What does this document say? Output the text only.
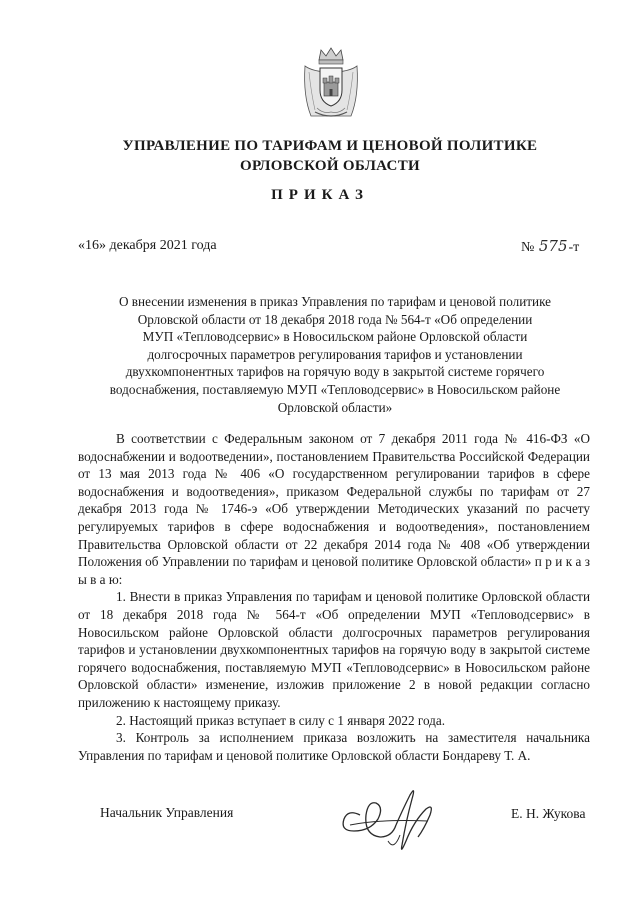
УПРАВЛЕНИЕ ПО ТАРИФАМ И ЦЕНОВОЙ ПОЛИТИКЕ
ОРЛОВСКОЙ ОБЛАСТИ
ПРИКАЗ
«16» декабря 2021 года	№ 575-т
О внесении изменения в приказ Управления по тарифам и ценовой политике
Орловской области от 18 декабря 2018 года № 564-т «Об определении
МУП «Тепловодсервис» в Новосильском районе Орловской области
долгосрочных параметров регулирования тарифов и установлении
двухкомпонентных тарифов на горячую воду в закрытой системе горячего
водоснабжения, поставляемую МУП «Тепловодсервис» в Новосильском районе
Орловской области»

В соответствии с Федеральным законом от 7 декабря 2011 года № 416-ФЗ «О водоснабжении и водоотведении», постановлением Правительства Российской Федерации от 13 мая 2013 года № 406 «О государственном регулировании тарифов в сфере водоснабжения и водоотведения», приказом Федеральной службы по тарифам от 27 декабря 2013 года № 1746-э «Об утверждении Методических указаний по расчету регулируемых тарифов в сфере водоснабжения и водоотведения», постановлением Правительства Орловской области от 22 декабря 2014 года № 408 «Об утверждении Положения об Управлении по тарифам и ценовой политике Орловской области» п р и к а з ы в а ю:

1. Внести в приказ Управления по тарифам и ценовой политике Орловской области от 18 декабря 2018 года № 564-т «Об определении МУП «Тепловодсервис» в Новосильском районе Орловской области долгосрочных параметров регулирования тарифов и установлении двухкомпонентных тарифов на горячую воду в закрытой системе горячего водоснабжения, поставляемую МУП «Тепловодсервис» в Новосильском районе Орловской области» изменение, изложив приложение 2 в новой редакции согласно приложению к настоящему приказу.

2. Настоящий приказ вступает в силу с 1 января 2022 года.

3. Контроль за исполнением приказа возложить на заместителя начальника Управления по тарифам и ценовой политике Орловской области Бондареву Т. А.

Начальник Управления	Е. Н. Жукова
